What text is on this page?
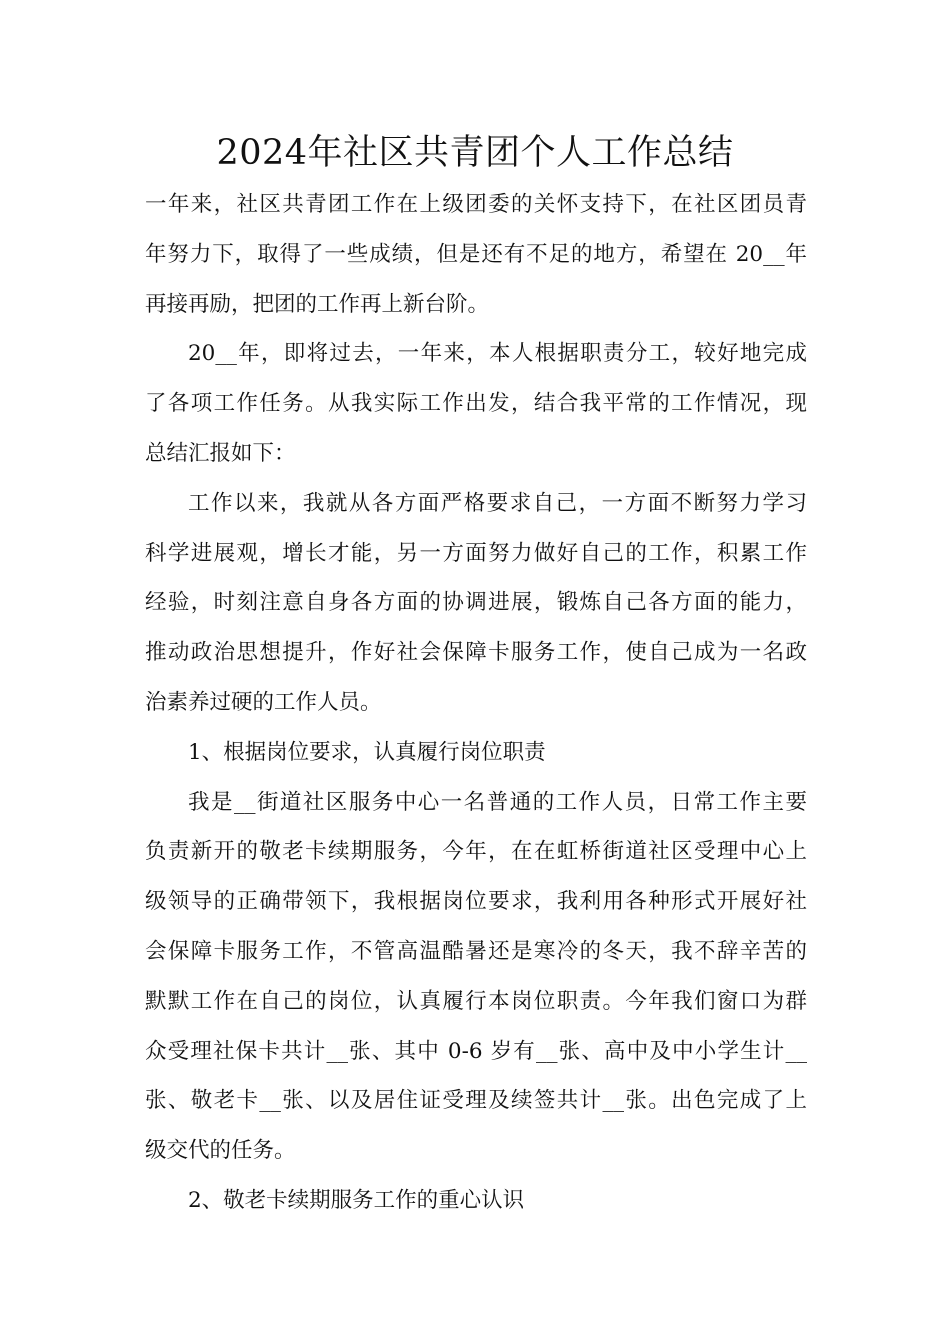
2024年社区共青团个人工作总结
一年来，社区共青团工作在上级团委的关怀支持下，在社区团员青
年努力下，取得了一些成绩，但是还有不足的地方，希望在 20__年
再接再励，把团的工作再上新台阶。
20__年，即将过去，一年来，本人根据职责分工，较好地完成
了各项工作任务。从我实际工作出发，结合我平常的工作情况，现
总结汇报如下：
工作以来，我就从各方面严格要求自己，一方面不断努力学习
科学进展观，增长才能，另一方面努力做好自己的工作，积累工作
经验，时刻注意自身各方面的协调进展，锻炼自己各方面的能力，
推动政治思想提升，作好社会保障卡服务工作，使自己成为一名政
治素养过硬的工作人员。
1、根据岗位要求，认真履行岗位职责
我是__街道社区服务中心一名普通的工作人员，日常工作主要
负责新开的敬老卡续期服务，今年，在在虹桥街道社区受理中心上
级领导的正确带领下，我根据岗位要求，我利用各种形式开展好社
会保障卡服务工作，不管高温酷暑还是寒冷的冬天，我不辞辛苦的
默默工作在自己的岗位，认真履行本岗位职责。今年我们窗口为群
众受理社保卡共计__张、其中 0-6 岁有__张、高中及中小学生计__
张、敬老卡__张、以及居住证受理及续签共计__张。出色完成了上
级交代的任务。
2、敬老卡续期服务工作的重心认识
